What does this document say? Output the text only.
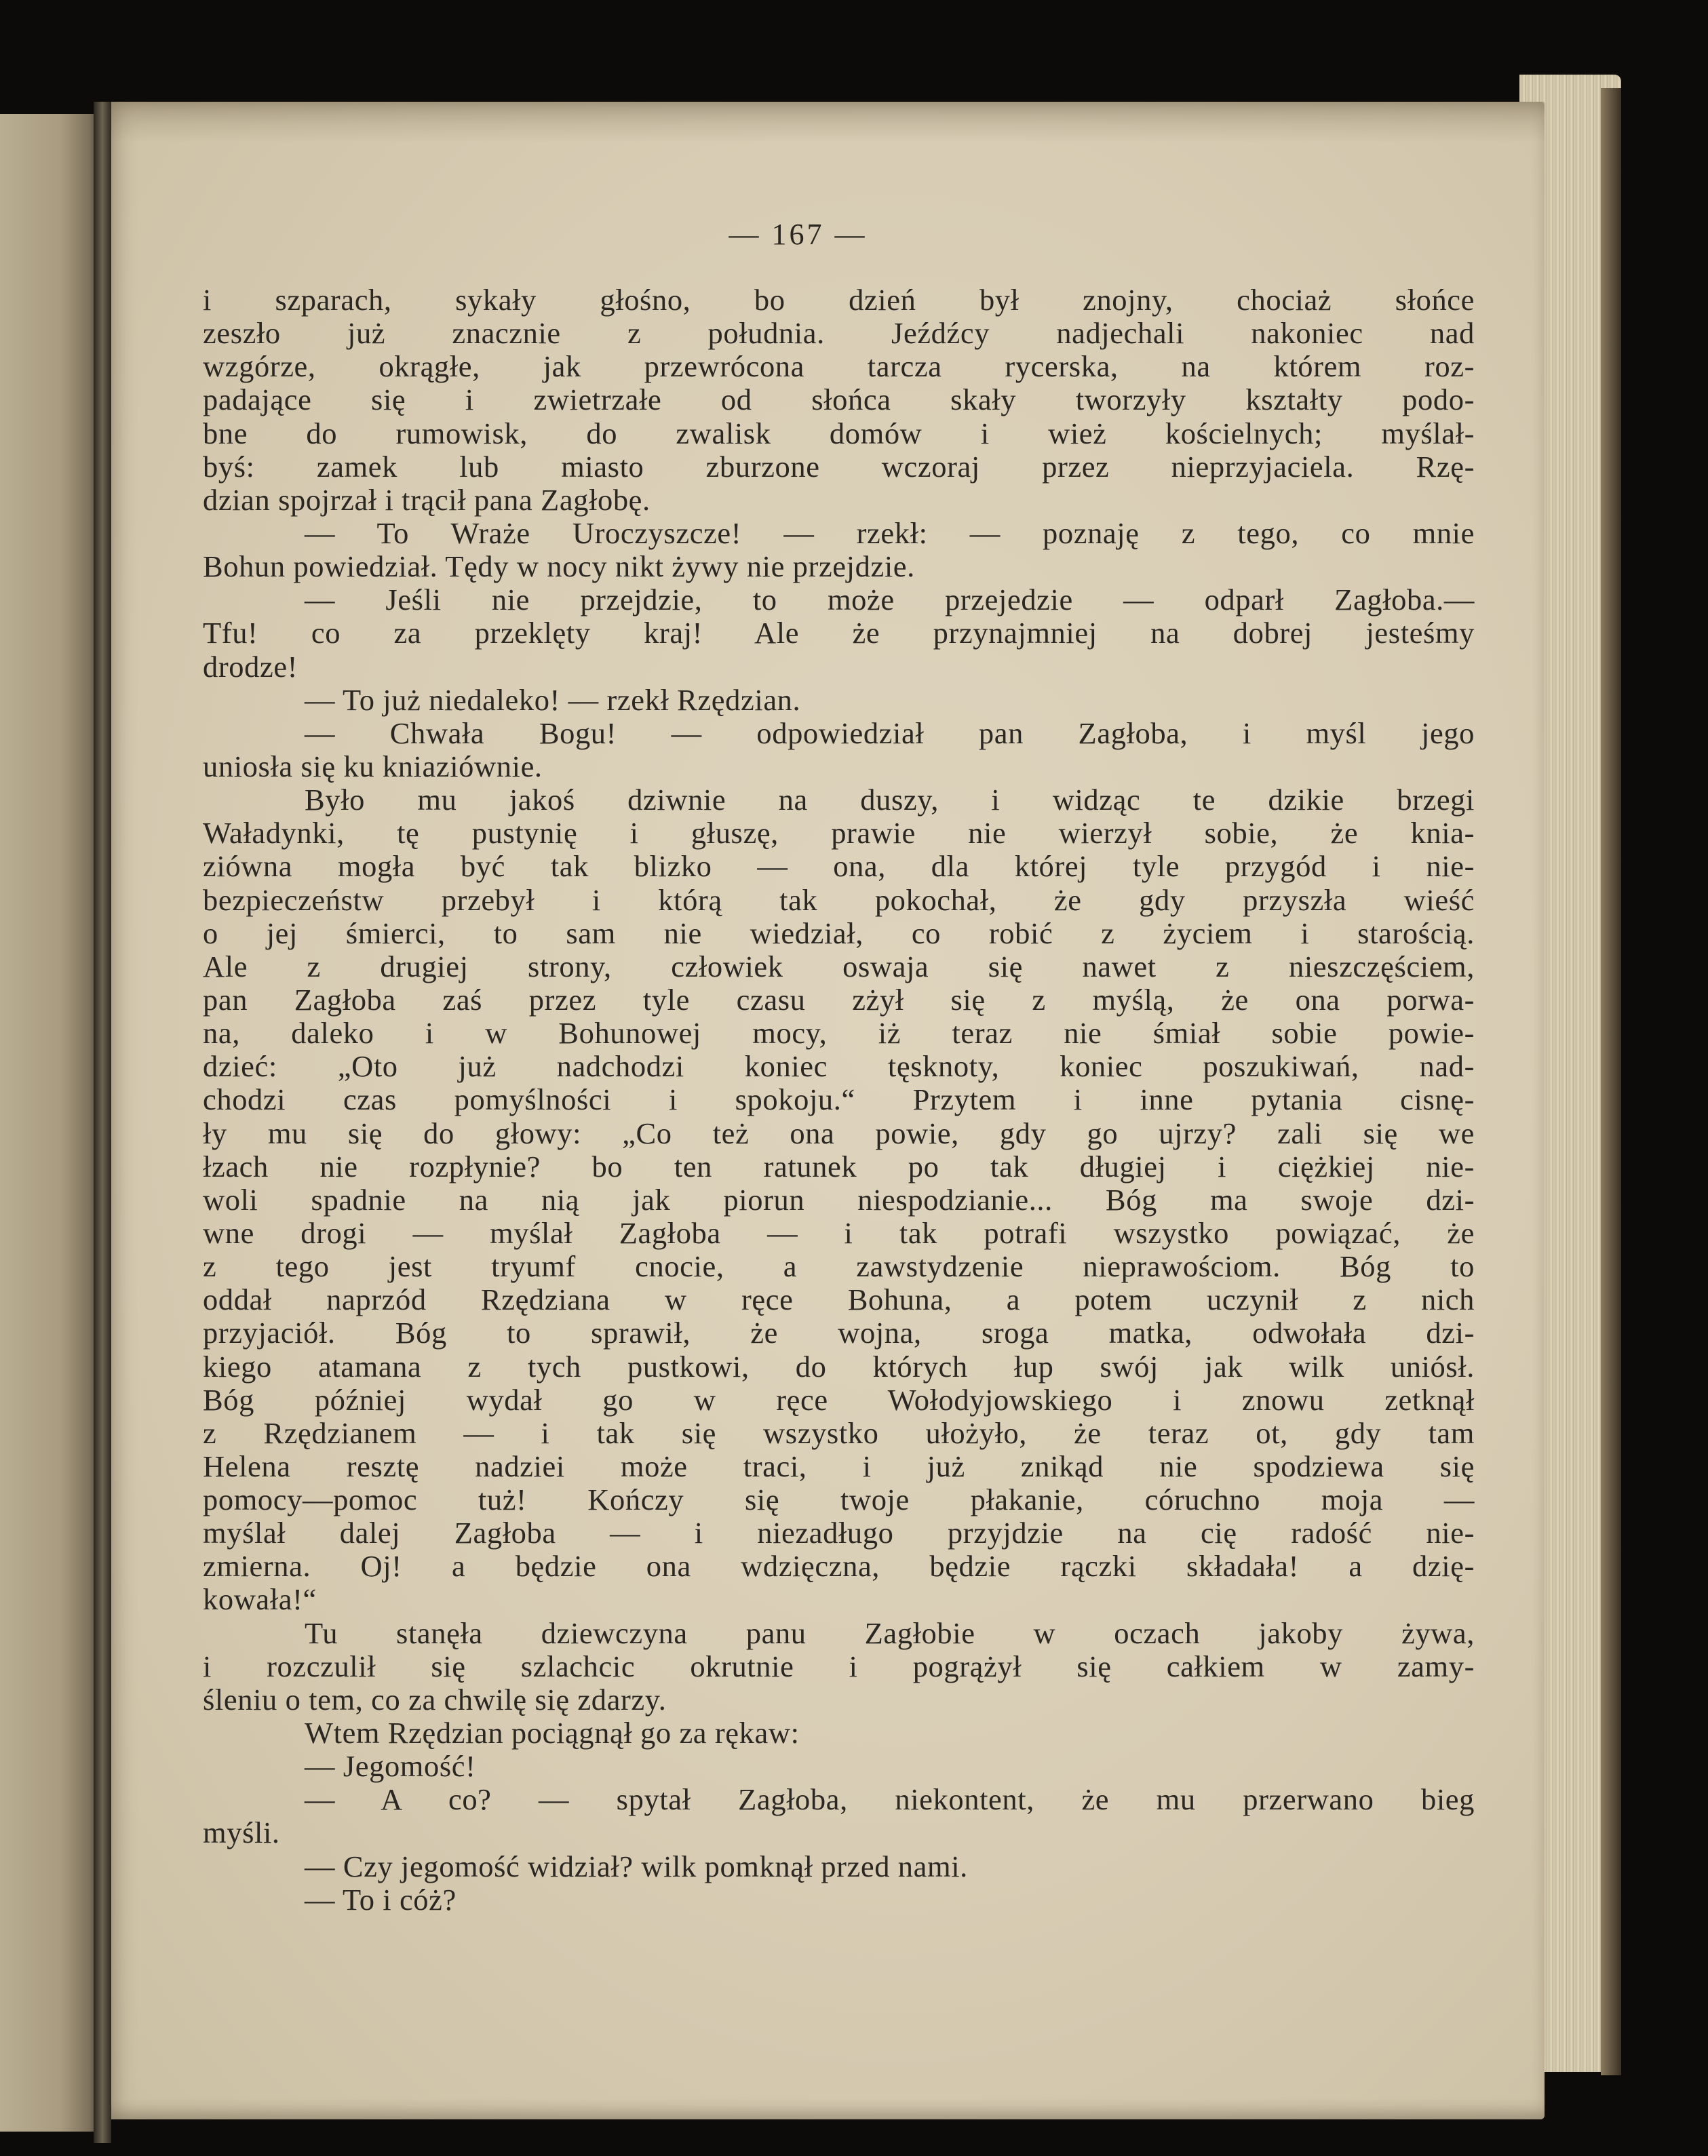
— 167 —
i szparach, sykały głośno, bo dzień był znojny, chociaż słońce
zeszło już znacznie z południa. Jeźdźcy nadjechali nakoniec nad
wzgórze, okrągłe, jak przewrócona tarcza rycerska, na którem roz-
padające się i zwietrzałe od słońca skały tworzyły kształty podo-
bne do rumowisk, do zwalisk domów i wież kościelnych; myślał-
byś: zamek lub miasto zburzone wczoraj przez nieprzyjaciela. Rzę-
dzian spojrzał i trącił pana Zagłobę.
— To Wraże Uroczyszcze! — rzekł: — poznaję z tego, co mnie
Bohun powiedział. Tędy w nocy nikt żywy nie przejdzie.
— Jeśli nie przejdzie, to może przejedzie — odparł Zagłoba.—
Tfu! co za przeklęty kraj! Ale że przynajmniej na dobrej jesteśmy
drodze!
— To już niedaleko! — rzekł Rzędzian.
— Chwała Bogu! — odpowiedział pan Zagłoba, i myśl jego
uniosła się ku kniaziównie.
Było mu jakoś dziwnie na duszy, i widząc te dzikie brzegi
Waładynki, tę pustynię i głuszę, prawie nie wierzył sobie, że knia-
ziówna mogła być tak blizko — ona, dla której tyle przygód i nie-
bezpieczeństw przebył i którą tak pokochał, że gdy przyszła wieść
o jej śmierci, to sam nie wiedział, co robić z życiem i starością.
Ale z drugiej strony, człowiek oswaja się nawet z nieszczęściem,
pan Zagłoba zaś przez tyle czasu zżył się z myślą, że ona porwa-
na, daleko i w Bohunowej mocy, iż teraz nie śmiał sobie powie-
dzieć: „Oto już nadchodzi koniec tęsknoty, koniec poszukiwań, nad-
chodzi czas pomyślności i spokoju.“ Przytem i inne pytania cisnę-
ły mu się do głowy: „Co też ona powie, gdy go ujrzy? zali się we
łzach nie rozpłynie? bo ten ratunek po tak długiej i ciężkiej nie-
woli spadnie na nią jak piorun niespodzianie... Bóg ma swoje dzi-
wne drogi — myślał Zagłoba — i tak potrafi wszystko powiązać, że
z tego jest tryumf cnocie, a zawstydzenie nieprawościom. Bóg to
oddał naprzód Rzędziana w ręce Bohuna, a potem uczynił z nich
przyjaciół. Bóg to sprawił, że wojna, sroga matka, odwołała dzi-
kiego atamana z tych pustkowi, do których łup swój jak wilk uniósł.
Bóg później wydał go w ręce Wołodyjowskiego i znowu zetknął
z Rzędzianem — i tak się wszystko ułożyło, że teraz ot, gdy tam
Helena resztę nadziei może traci, i już znikąd nie spodziewa się
pomocy—pomoc tuż! Kończy się twoje płakanie, córuchno moja —
myślał dalej Zagłoba — i niezadługo przyjdzie na cię radość nie-
zmierna. Oj! a będzie ona wdzięczna, będzie rączki składała! a dzię-
kowała!“
Tu stanęła dziewczyna panu Zagłobie w oczach jakoby żywa,
i rozczulił się szlachcic okrutnie i pogrążył się całkiem w zamy-
śleniu o tem, co za chwilę się zdarzy.
Wtem Rzędzian pociągnął go za rękaw:
— Jegomość!
— A co? — spytał Zagłoba, niekontent, że mu przerwano bieg
myśli.
— Czy jegomość widział? wilk pomknął przed nami.
— To i cóż?
